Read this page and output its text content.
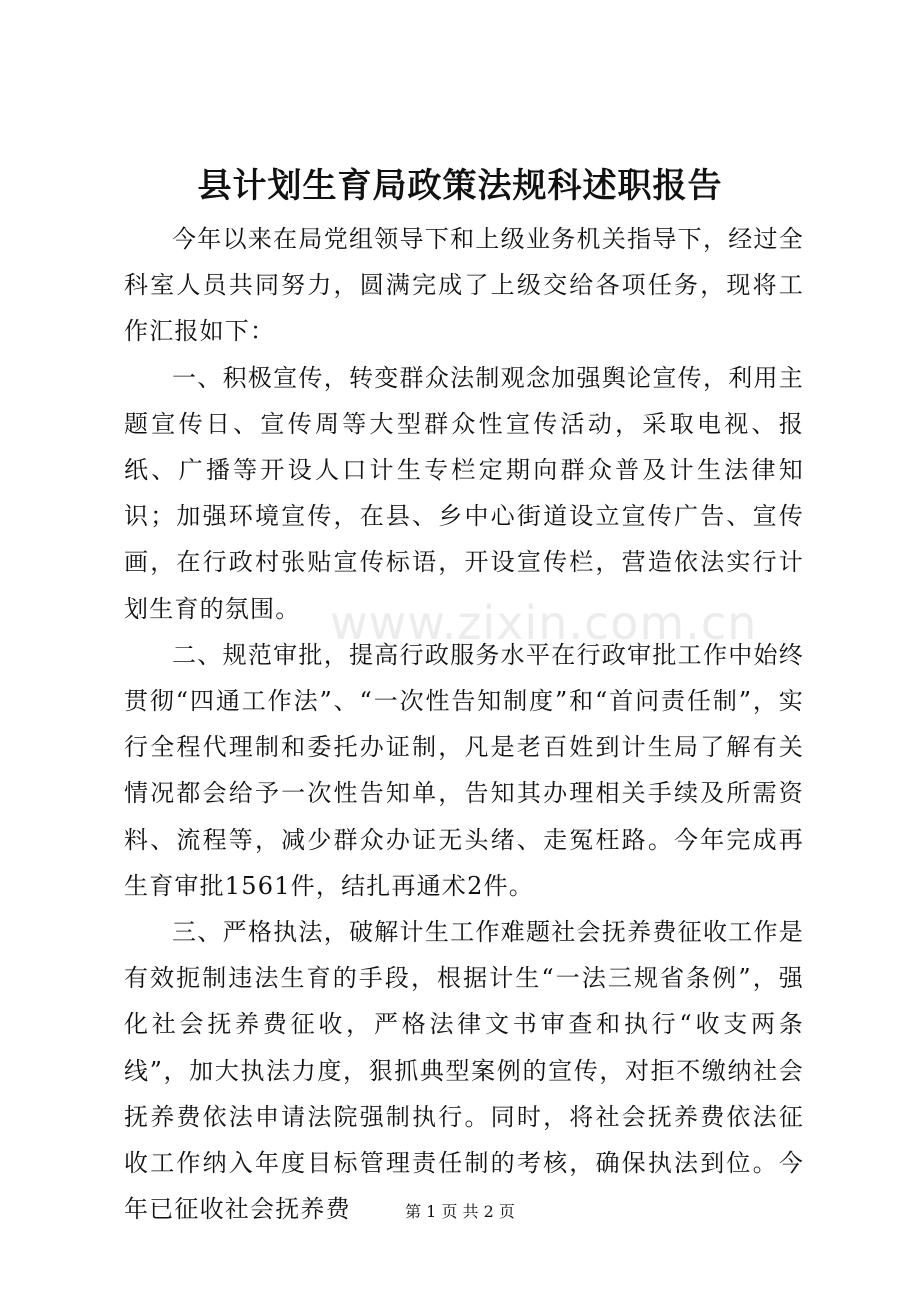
县计划生育局政策法规科述职报告

今年以来在局党组领导下和上级业务机关指导下，经过全科室人员共同努力，圆满完成了上级交给各项任务，现将工作汇报如下：

一、积极宣传，转变群众法制观念加强舆论宣传，利用主题宣传日、宣传周等大型群众性宣传活动，采取电视、报纸、广播等开设人口计生专栏定期向群众普及计生法律知识；加强环境宣传，在县、乡中心街道设立宣传广告、宣传画，在行政村张贴宣传标语，开设宣传栏，营造依法实行计划生育的氛围。

二、规范审批，提高行政服务水平在行政审批工作中始终贯彻“四通工作法”、“一次性告知制度”和“首问责任制”，实行全程代理制和委托办证制，凡是老百姓到计生局了解有关情况都会给予一次性告知单，告知其办理相关手续及所需资料、流程等，减少群众办证无头绪、走冤枉路。今年完成再生育审批1561件，结扎再通术2件。

三、严格执法，破解计生工作难题社会抚养费征收工作是有效扼制违法生育的手段，根据计生“一法三规省条例”，强化社会抚养费征收，严格法律文书审查和执行“收支两条线”，加大执法力度，狠抓典型案例的宣传，对拒不缴纳社会抚养费依法申请法院强制执行。同时，将社会抚养费依法征收工作纳入年度目标管理责任制的考核，确保执法到位。今年已征收社会抚养费

www.zixin.com.cn
第 1 页 共 2 页
